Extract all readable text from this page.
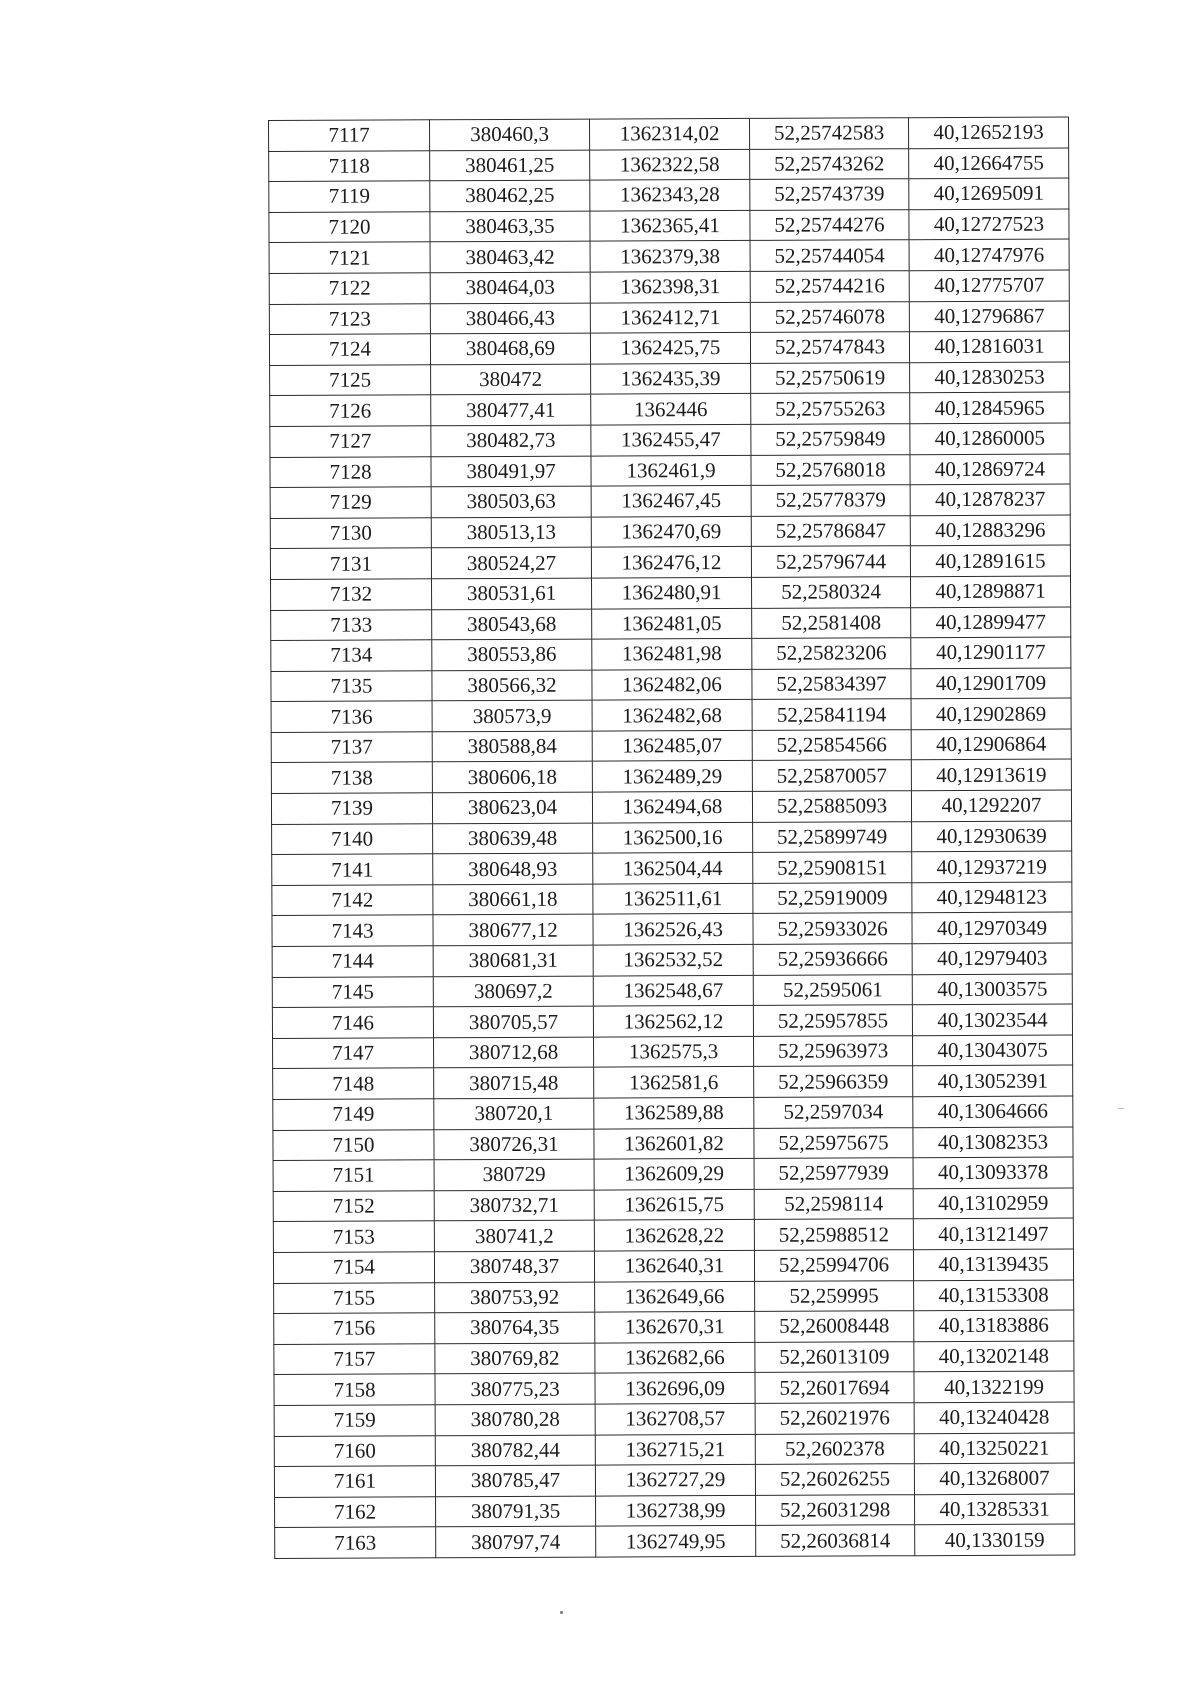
7117	380460,3	1362314,02	52,25742583	40,12652193
7118	380461,25	1362322,58	52,25743262	40,12664755
7119	380462,25	1362343,28	52,25743739	40,12695091
7120	380463,35	1362365,41	52,25744276	40,12727523
7121	380463,42	1362379,38	52,25744054	40,12747976
7122	380464,03	1362398,31	52,25744216	40,12775707
7123	380466,43	1362412,71	52,25746078	40,12796867
7124	380468,69	1362425,75	52,25747843	40,12816031
7125	380472	1362435,39	52,25750619	40,12830253
7126	380477,41	1362446	52,25755263	40,12845965
7127	380482,73	1362455,47	52,25759849	40,12860005
7128	380491,97	1362461,9	52,25768018	40,12869724
7129	380503,63	1362467,45	52,25778379	40,12878237
7130	380513,13	1362470,69	52,25786847	40,12883296
7131	380524,27	1362476,12	52,25796744	40,12891615
7132	380531,61	1362480,91	52,2580324	40,12898871
7133	380543,68	1362481,05	52,2581408	40,12899477
7134	380553,86	1362481,98	52,25823206	40,12901177
7135	380566,32	1362482,06	52,25834397	40,12901709
7136	380573,9	1362482,68	52,25841194	40,12902869
7137	380588,84	1362485,07	52,25854566	40,12906864
7138	380606,18	1362489,29	52,25870057	40,12913619
7139	380623,04	1362494,68	52,25885093	40,1292207
7140	380639,48	1362500,16	52,25899749	40,12930639
7141	380648,93	1362504,44	52,25908151	40,12937219
7142	380661,18	1362511,61	52,25919009	40,12948123
7143	380677,12	1362526,43	52,25933026	40,12970349
7144	380681,31	1362532,52	52,25936666	40,12979403
7145	380697,2	1362548,67	52,2595061	40,13003575
7146	380705,57	1362562,12	52,25957855	40,13023544
7147	380712,68	1362575,3	52,25963973	40,13043075
7148	380715,48	1362581,6	52,25966359	40,13052391
7149	380720,1	1362589,88	52,2597034	40,13064666
7150	380726,31	1362601,82	52,25975675	40,13082353
7151	380729	1362609,29	52,25977939	40,13093378
7152	380732,71	1362615,75	52,2598114	40,13102959
7153	380741,2	1362628,22	52,25988512	40,13121497
7154	380748,37	1362640,31	52,25994706	40,13139435
7155	380753,92	1362649,66	52,259995	40,13153308
7156	380764,35	1362670,31	52,26008448	40,13183886
7157	380769,82	1362682,66	52,26013109	40,13202148
7158	380775,23	1362696,09	52,26017694	40,1322199
7159	380780,28	1362708,57	52,26021976	40,13240428
7160	380782,44	1362715,21	52,2602378	40,13250221
7161	380785,47	1362727,29	52,26026255	40,13268007
7162	380791,35	1362738,99	52,26031298	40,13285331
7163	380797,74	1362749,95	52,26036814	40,1330159
